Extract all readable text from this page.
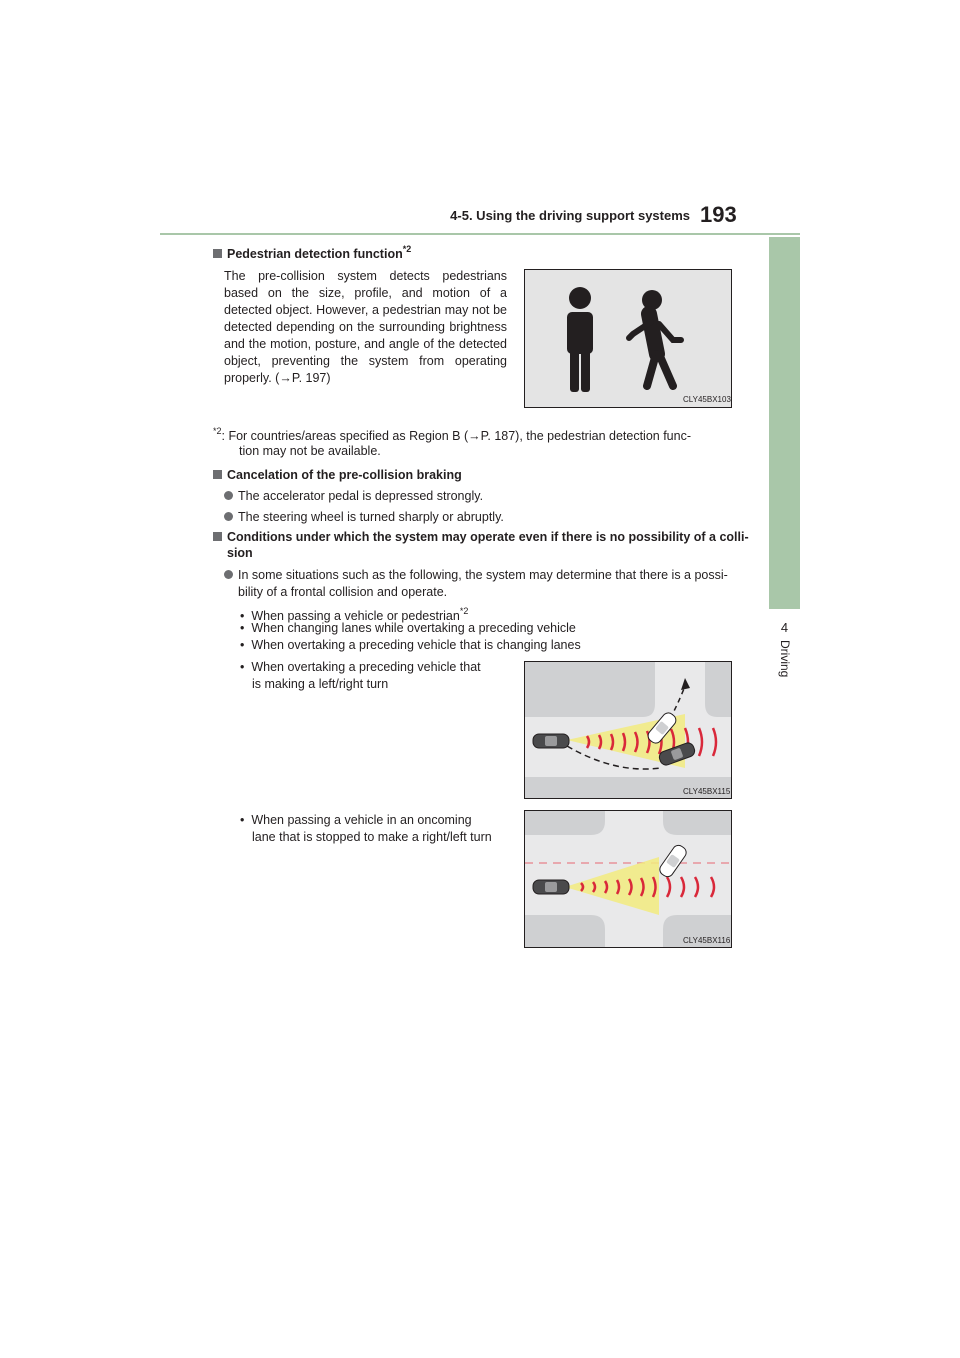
4-5. Using the driving support systems 193
4
Driving
Pedestrian detection function$^{*2}$
The pre-collision system detects pedestrians based on the size, profile, and motion of a detected object. However, a pedestrian may not be detected depending on the surrounding brightness and the motion, posture, and angle of the detected object, preventing the system from operating properly. (→P. 197)
CLY45BX103
$^{*2}$: For countries/areas specified as Region B (→P. 187), the pedestrian detection func-
tion may not be available.
Cancelation of the pre-collision braking
The accelerator pedal is depressed strongly.
The steering wheel is turned sharply or abruptly.
Conditions under which the system may operate even if there is no possibility of a colli-
sion
In some situations such as the following, the system may determine that there is a possi-
bility of a frontal collision and operate.
• When passing a vehicle or pedestrian$^{*2}$
• When changing lanes while overtaking a preceding vehicle
• When overtaking a preceding vehicle that is changing lanes
• When overtaking a preceding vehicle that
is making a left/right turn
CLY45BX115
• When passing a vehicle in an oncoming
lane that is stopped to make a right/left turn
CLY45BX116
